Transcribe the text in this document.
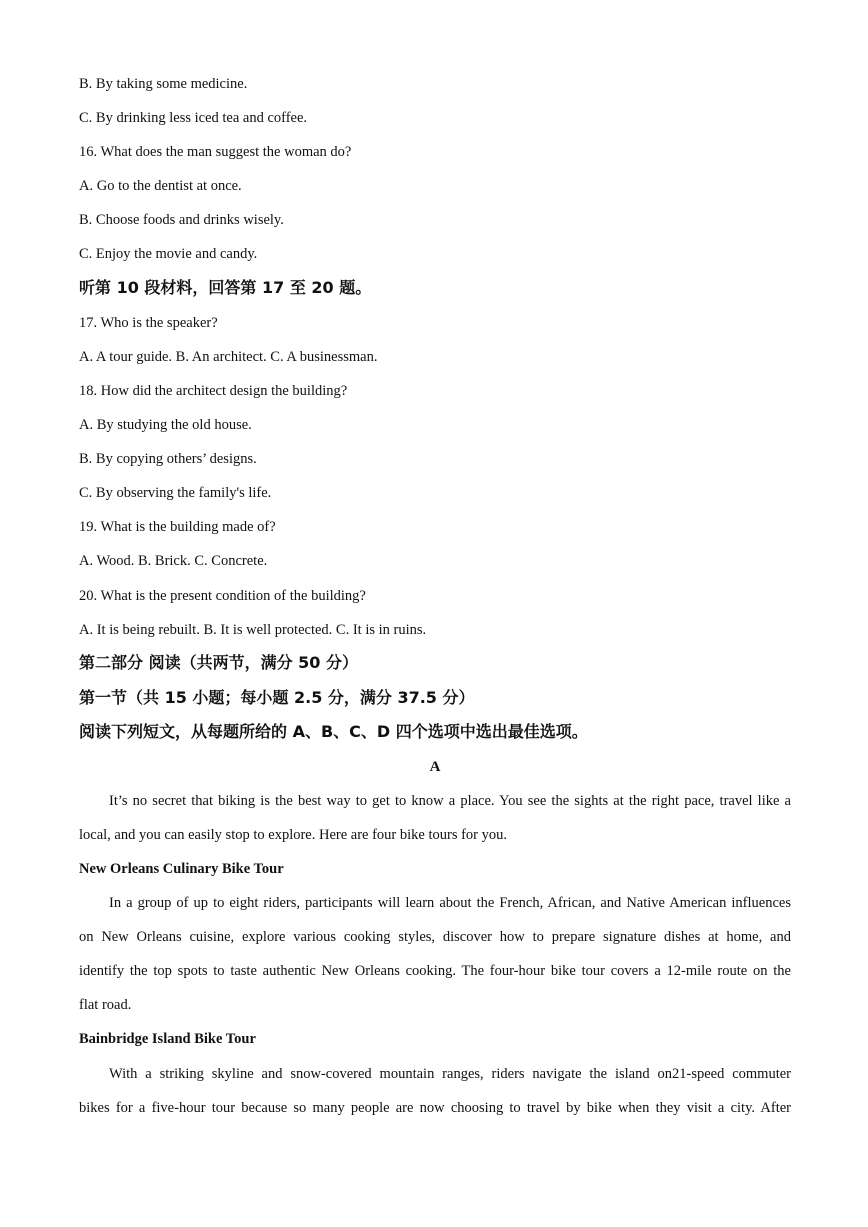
B. By taking some medicine.
C. By drinking less iced tea and coffee.
16. What does the man suggest the woman do?
A. Go to the dentist at once.
B. Choose foods and drinks wisely.
C. Enjoy the movie and candy.
听第 10 段材料，回答第 17 至 20 题。
17. Who is the speaker?
A. A tour guide. B. An architect. C. A businessman.
18. How did the architect design the building?
A. By studying the old house.
B. By copying others’ designs.
C. By observing the family's life.
19. What is the building made of?
A. Wood. B. Brick. C. Concrete.
20. What is the present condition of the building?
A. It is being rebuilt. B. It is well protected. C. It is in ruins.
第二部分 阅读（共两节，满分 50 分）
第一节（共 15 小题；每小题 2.5 分，满分 37.5 分）
阅读下列短文，从每题所给的 A、B、C、D 四个选项中选出最佳选项。
A
It’s no secret that biking is the best way to get to know a place. You see the sights at the right pace, travel like a
local, and you can easily stop to explore. Here are four bike tours for you.
New Orleans Culinary Bike Tour
In a group of up to eight riders, participants will learn about the French, African, and Native American influences
on New Orleans cuisine, explore various cooking styles, discover how to prepare signature dishes at home, and
identify the top spots to taste authentic New Orleans cooking. The four-hour bike tour covers a 12-mile route on the
flat road.
Bainbridge Island Bike Tour
With a striking skyline and snow-covered mountain ranges, riders navigate the island on21-speed commuter
bikes for a five-hour tour because so many people are now choosing to travel by bike when they visit a city. After
